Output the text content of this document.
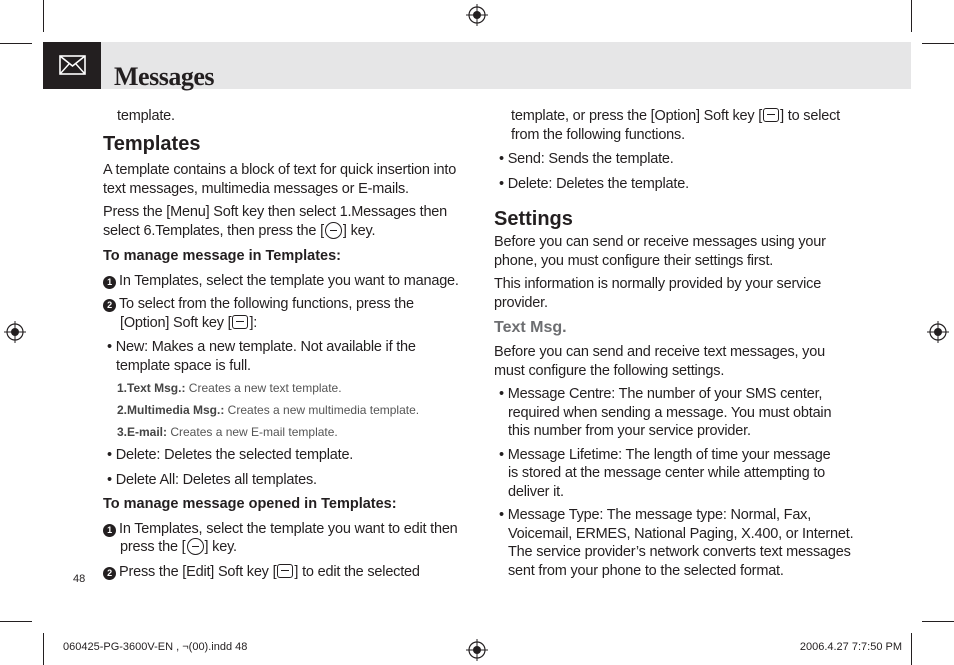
Messages
template.
Templates

A template contains a block of text for quick insertion into

text messages, multimedia messages or E-mails.

Press the [Menu] Soft key then select 1.Messages then

select 6.Templates, then press the [ ] key.

To manage message in Templates:

1 In Templates, select the template you want to manage.

2 To select from the following functions, press the

[Option] Soft key [ ]:

• New: Makes a new template. Not available if the

template space is full.

1.Text Msg.: Creates a new text template.

2.Multimedia Msg.: Creates a new multimedia template.

3.E-mail: Creates a new E-mail template.

• Delete: Deletes the selected template.

• Delete All: Deletes all templates.

To manage message opened in Templates:

1 In Templates, select the template you want to edit then

press the [ ] key.

2 Press the [Edit] Soft key [ ] to edit the selected

template, or press the [Option] Soft key [ ] to select

from the following functions.

• Send: Sends the template.

• Delete: Deletes the template.

Settings

Before you can send or receive messages using your

phone, you must configure their settings first.

This information is normally provided by your service

provider.

Text Msg.

Before you can send and receive text messages, you

must configure the following settings.

• Message Centre: The number of your SMS center,

required when sending a message. You must obtain

this number from your service provider.

• Message Lifetime: The length of time your message

is stored at the message center while attempting to

deliver it.

• Message Type: The message type: Normal, Fax,

Voicemail, ERMES, National Paging, X.400, or Internet.

The service provider’s network converts text messages

sent from your phone to the selected format.

48
060425-PG-3600V-EN , ¬(00).indd 48	2006.4.27 7:7:50 PM
